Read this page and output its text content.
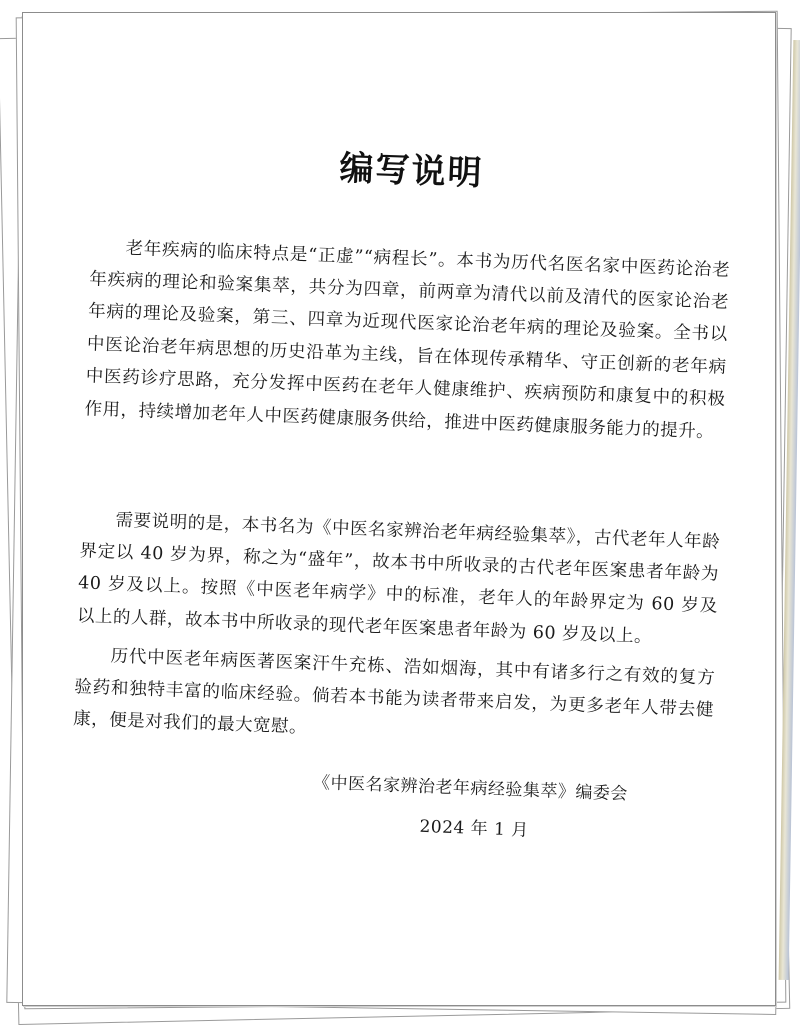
编写说明

老年疾病的临床特点是“正虚”“病程长”。本书为历代名医名家中医药论治老年疾病的理论和验案集萃，共分为四章，前两章为清代以前及清代的医家论治老年病的理论及验案，第三、四章为近现代医家论治老年病的理论及验案。全书以中医论治老年病思想的历史沿革为主线，旨在体现传承精华、守正创新的老年病中医药诊疗思路，充分发挥中医药在老年人健康维护、疾病预防和康复中的积极作用，持续增加老年人中医药健康服务供给，推进中医药健康服务能力的提升。

需要说明的是，本书名为《中医名家辨治老年病经验集萃》，古代老年人年龄界定以 40 岁为界，称之为“盛年”，故本书中所收录的古代老年医案患者年龄为 40 岁及以上。按照《中医老年病学》中的标准，老年人的年龄界定为 60 岁及以上的人群，故本书中所收录的现代老年医案患者年龄为 60 岁及以上。

历代中医老年病医著医案汗牛充栋、浩如烟海，其中有诸多行之有效的复方验药和独特丰富的临床经验。倘若本书能为读者带来启发，为更多老年人带去健康，便是对我们的最大宽慰。

《中医名家辨治老年病经验集萃》编委会
2024 年 1 月
